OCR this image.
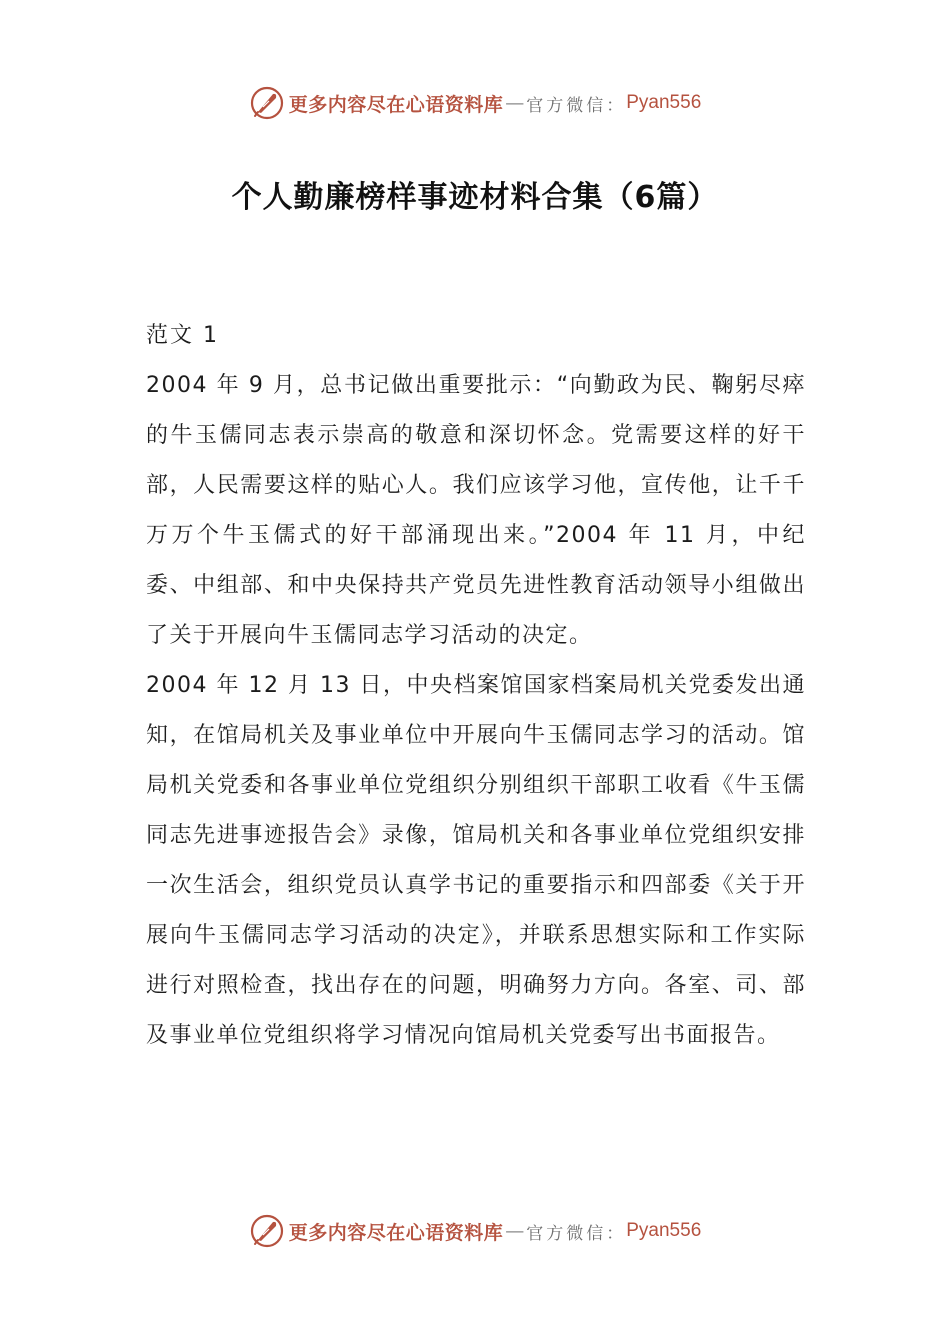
更多内容尽在心语资料库 — 官方微信： Pyan556
个人勤廉榜样事迹材料合集（6篇）

范文 1

2004 年 9 月，总书记做出重要批示：“向勤政为民、鞠躬尽瘁的牛玉儒同志表示崇高的敬意和深切怀念。党需要这样的好干部，人民需要这样的贴心人。我们应该学习他，宣传他，让千千万万个牛玉儒式的好干部涌现出来。”2004 年 11 月，中纪委、中组部、和中央保持共产党员先进性教育活动领导小组做出了关于开展向牛玉儒同志学习活动的决定。

2004 年 12 月 13 日，中央档案馆国家档案局机关党委发出通知，在馆局机关及事业单位中开展向牛玉儒同志学习的活动。馆局机关党委和各事业单位党组织分别组织干部职工收看《牛玉儒同志先进事迹报告会》录像，馆局机关和各事业单位党组织安排一次生活会，组织党员认真学书记的重要指示和四部委《关于开展向牛玉儒同志学习活动的决定》，并联系思想实际和工作实际进行对照检查，找出存在的问题，明确努力方向。各室、司、部及事业单位党组织将学习情况向馆局机关党委写出书面报告。

更多内容尽在心语资料库 — 官方微信： Pyan556
